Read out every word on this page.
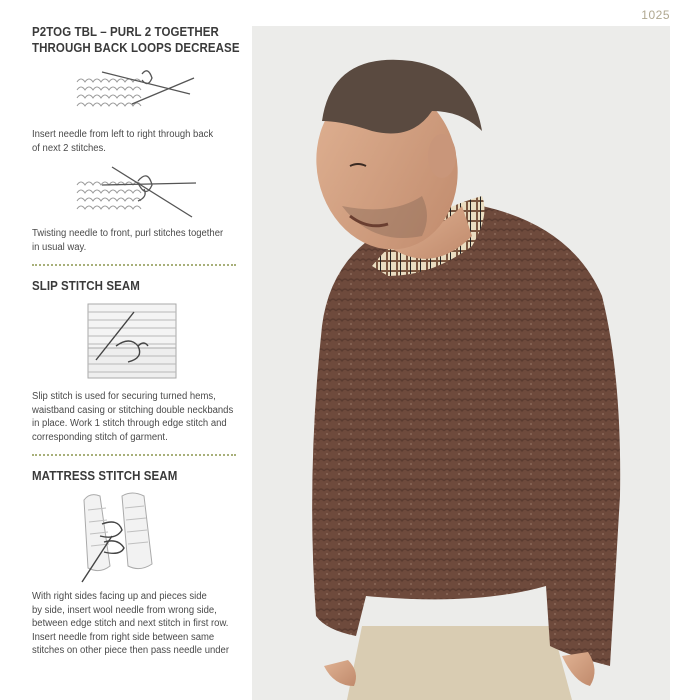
1025
P2TOG TBL – PURL 2 TOGETHER
THROUGH BACK LOOPS DECREASE
Insert needle from left to right through back
of next 2 stitches.
Twisting needle to front, purl stitches together
in usual way.
SLIP STITCH SEAM
Slip stitch is used for securing turned hems,
waistband casing or stitching double neckbands
in place. Work 1 stitch through edge stitch and
corresponding stitch of garment.
MATTRESS STITCH SEAM
With right sides facing up and pieces side
by side, insert wool needle from wrong side,
between edge stitch and next stitch in first row.
Insert needle from right side between same
stitches on other piece then pass needle under
